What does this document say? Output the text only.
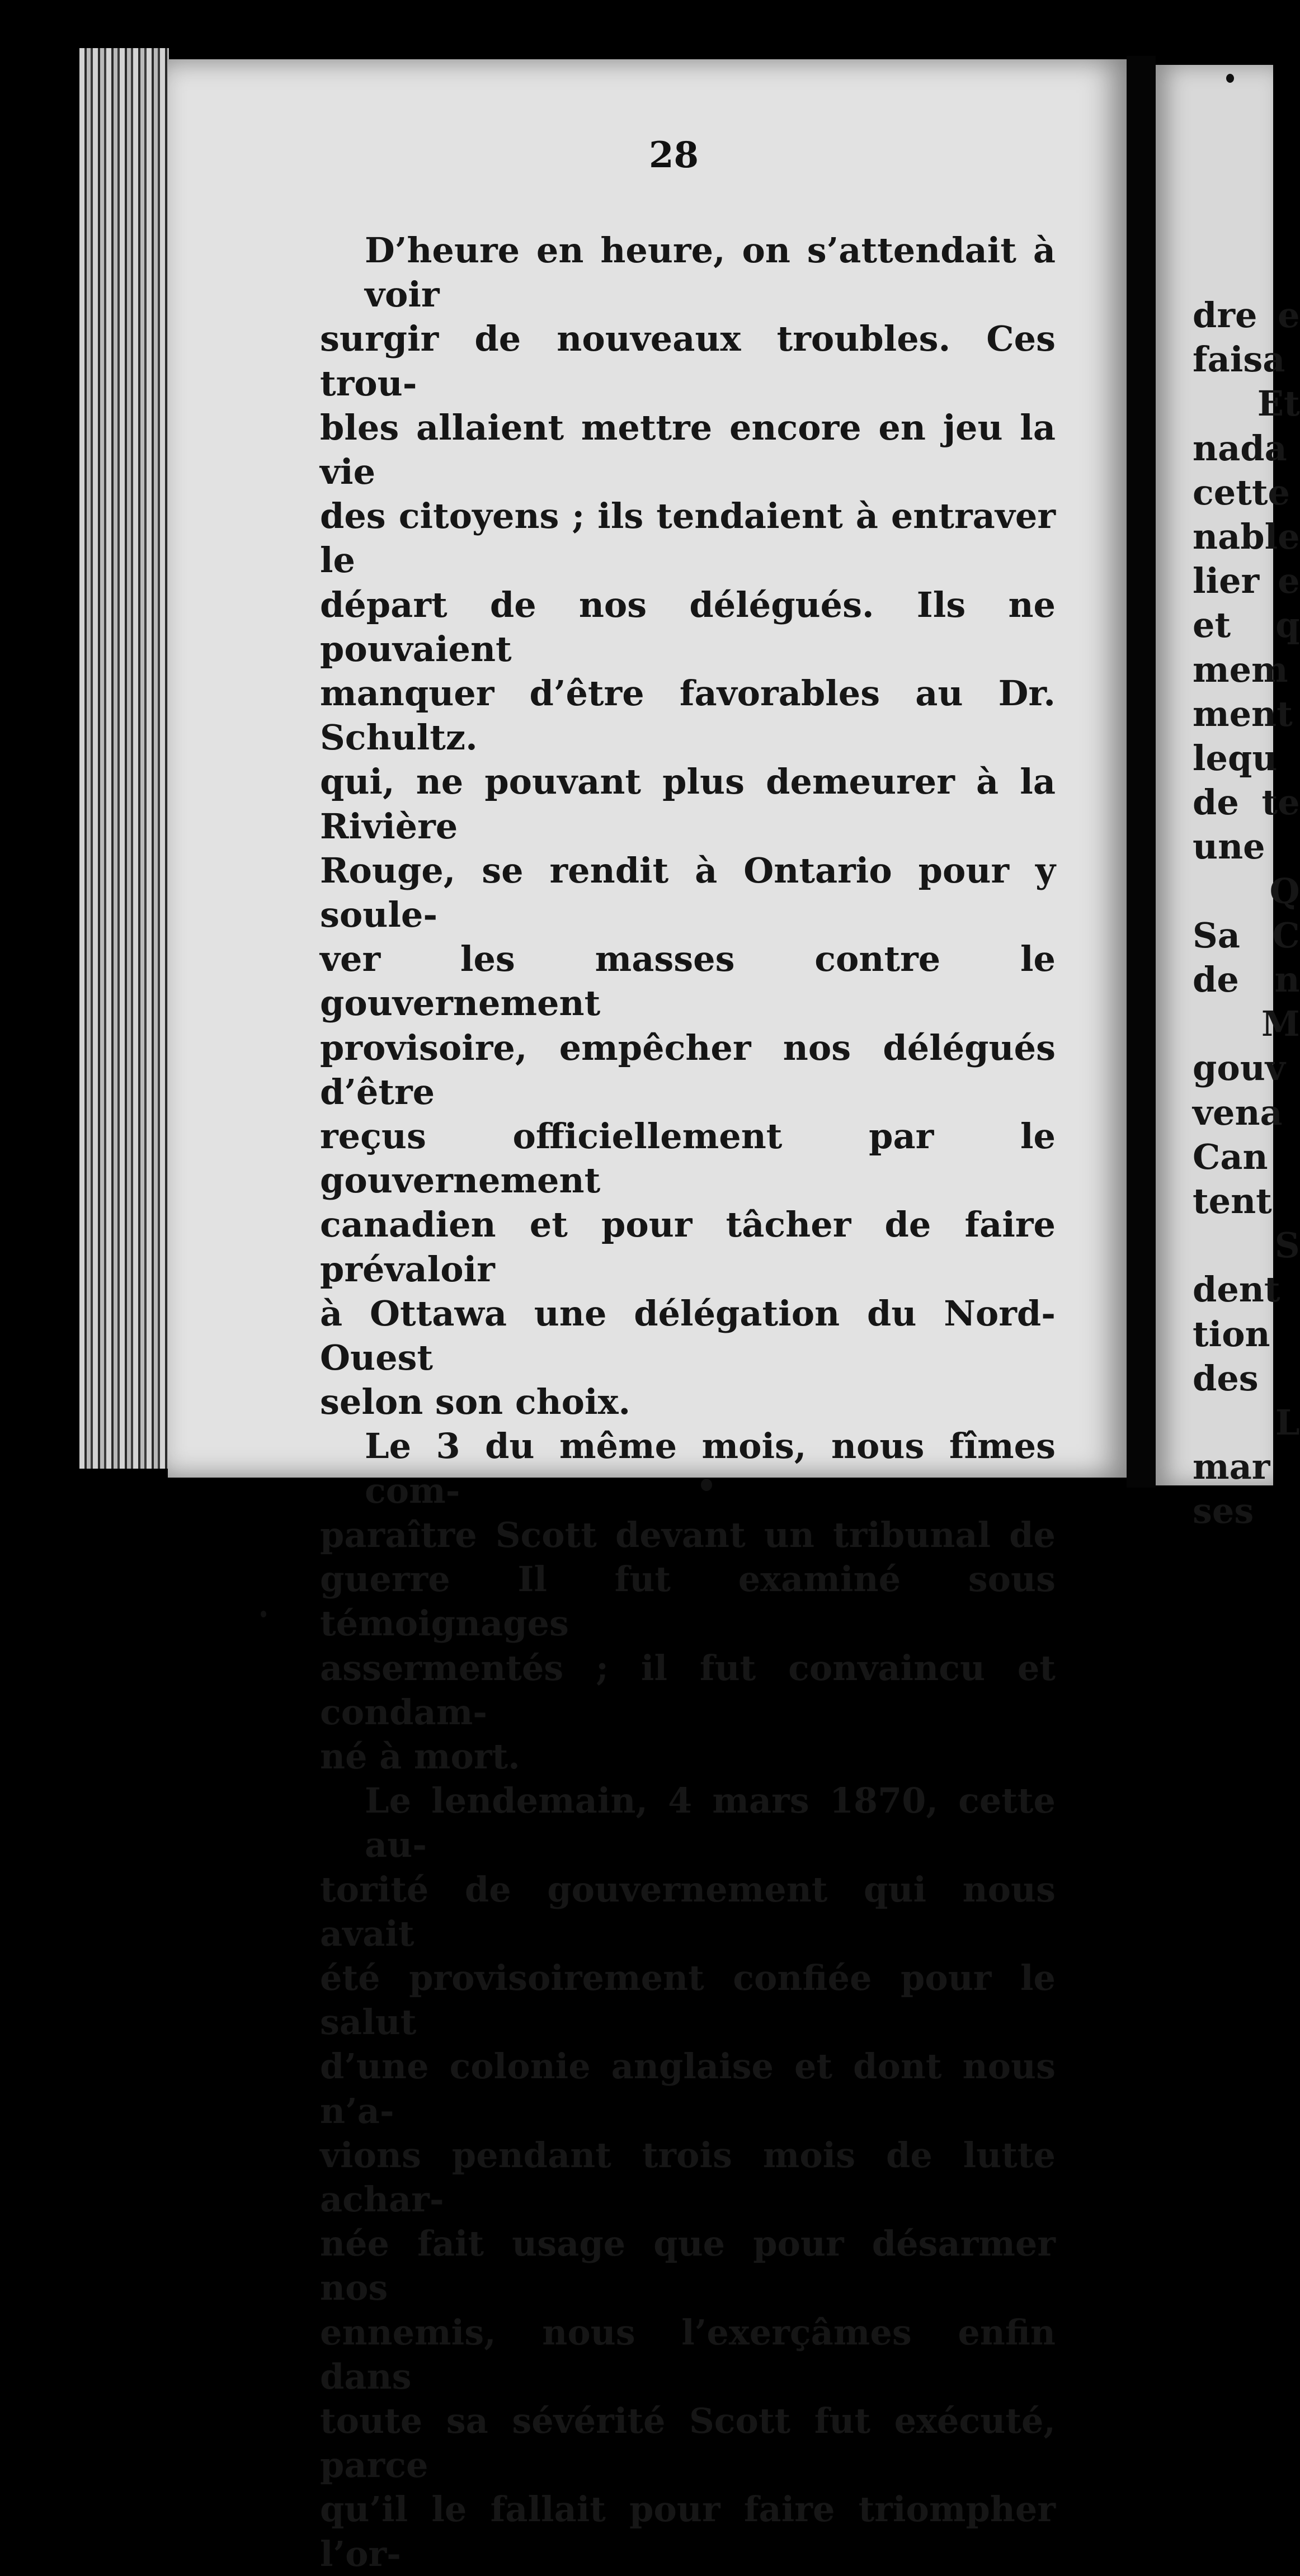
28
D’heure en heure, on s’attendait à voir
surgir de nouveaux troubles. Ces trou-
bles allaient mettre encore en jeu la vie
des citoyens ; ils tendaient à entraver le
départ de nos délégués. Ils ne pouvaient
manquer d’être favorables au Dr. Schultz.
qui, ne pouvant plus demeurer à la Rivière
Rouge, se rendit à Ontario pour y soule-
ver les masses contre le gouvernement
provisoire, empêcher nos délégués d’être
reçus officiellement par le gouvernement
canadien et pour tâcher de faire prévaloir
à Ottawa une délégation du Nord-Ouest
selon son choix.
Le 3 du même mois, nous fîmes com-
paraître Scott devant un tribunal de
guerre Il fut examiné sous témoignages
assermentés ; il fut convaincu et condam-
né à mort.
Le lendemain, 4 mars 1870, cette au-
torité de gouvernement qui nous avait
été provisoirement confiée pour le salut
d’une colonie anglaise et dont nous n’a-
vions pendant trois mois de lutte achar-
née fait usage que pour désarmer nos
ennemis, nous l’exerçâmes enfin dans
toute sa sévérité Scott fut exécuté, parce
qu’il le fallait pour faire triompher l’or-
dre e
faisa
Et
nada
cette
nable
lier e
et q
mem
ment
lequ
de te
une
Q
Sa C
de n
M
gouv
vena
Can
tent
S
dent
tion
des
L
mar
ses
